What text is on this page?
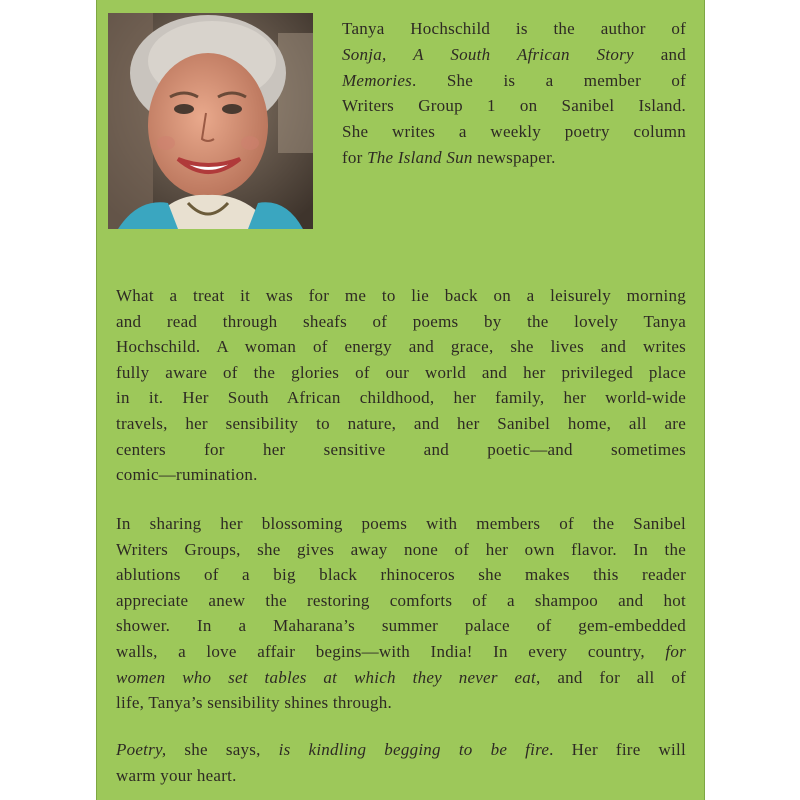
Tanya Hochschild is the author of
Sonja, A South African Story and
Memories. She is a member of
Writers Group 1 on Sanibel Island.
She writes a weekly poetry column
for The Island Sun newspaper.
What a treat it was for me to lie back on a leisurely morning
and read through sheafs of poems by the lovely Tanya
Hochschild. A woman of energy and grace, she lives and writes
fully aware of the glories of our world and her privileged place
in it. Her South African childhood, her family, her world-wide
travels, her sensibility to nature, and her Sanibel home, all are
centers for her sensitive and poetic—and sometimes
comic—rumination.
In sharing her blossoming poems with members of the Sanibel
Writers Groups, she gives away none of her own flavor. In the
ablutions of a big black rhinoceros she makes this reader
appreciate anew the restoring comforts of a shampoo and hot
shower. In a Maharana’s summer palace of gem-embedded
walls, a love affair begins—with India! In every country, for
women who set tables at which they never eat, and for all of
life, Tanya’s sensibility shines through.
Poetry, she says, is kindling begging to be fire. Her fire will
warm your heart.
